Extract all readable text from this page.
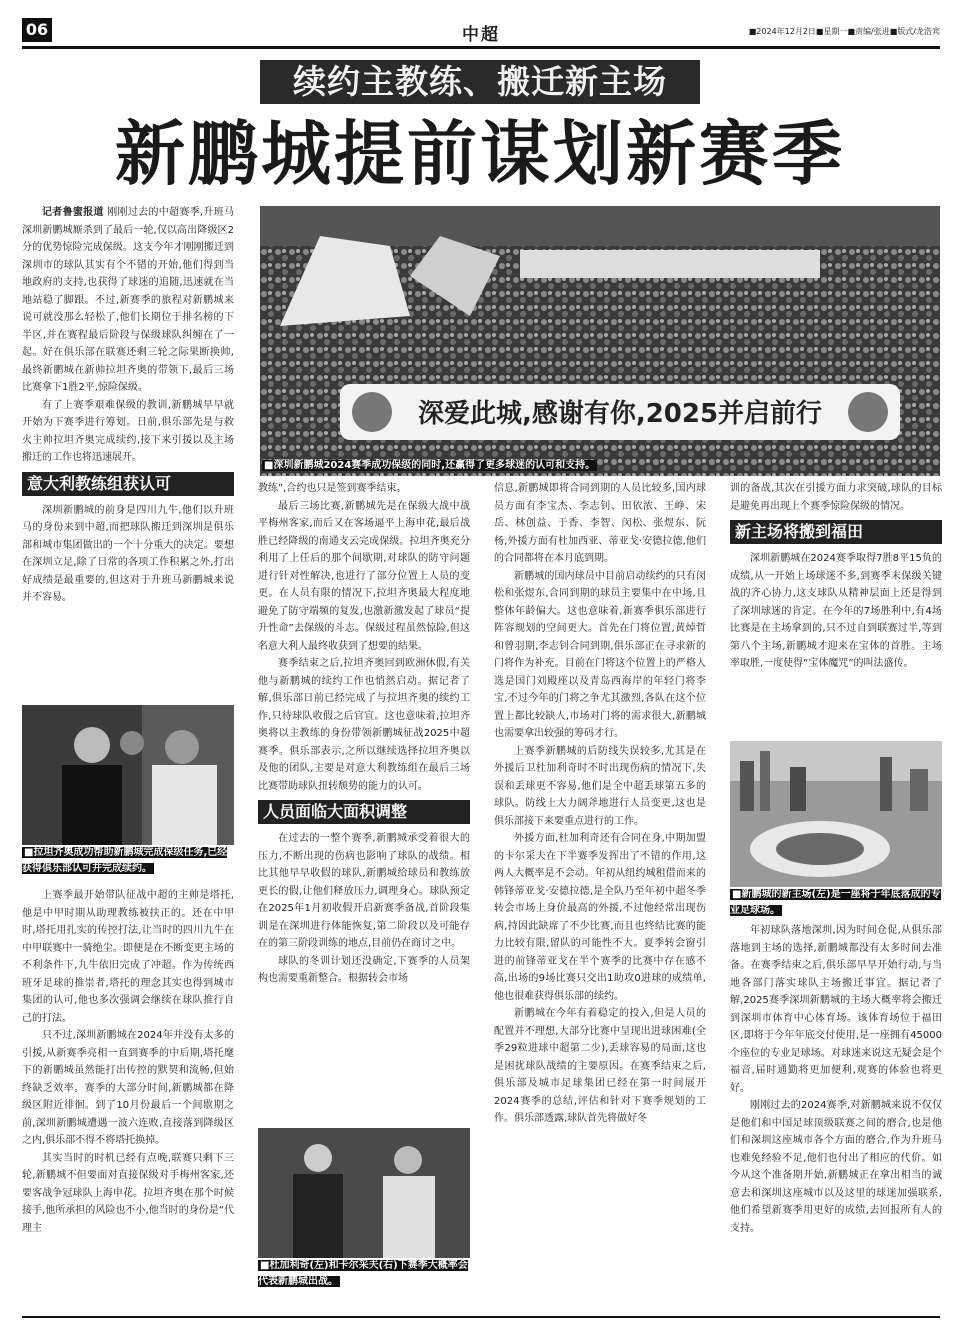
06	中超	■2024年12月2日■星期一■责编/张进■版式/龙浩宾
续约主教练、搬迁新主场
新鹏城提前谋划新赛季
深爱此城,感谢有你,2025并启前行
■深圳新鹏城2024赛季成功保级的同时,还赢得了更多球迷的认可和支持。

记者鲁蜜报道 刚刚过去的中超赛季,升班马深圳新鹏城厮杀到了最后一轮,仅以高出降级区2分的优势惊险完成保级。这支今年才刚刚搬迁到深圳市的球队其实有个不错的开始,他们得到当地政府的支持,也获得了球迷的追随,迅速就在当地站稳了脚跟。不过,新赛季的旅程对新鹏城来说可就没那么轻松了,他们长期位于排名榜的下半区,并在赛程最后阶段与保级球队纠缠在了一起。好在俱乐部在联赛还剩三轮之际果断换帅,最终新鹏城在新帅拉坦齐奥的带领下,最后三场比赛拿下1胜2平,惊险保级。

有了上赛季艰难保级的教训,新鹏城早早就开始为下赛季进行筹划。日前,俱乐部先是与救火主帅拉坦齐奥完成续约,接下来引援以及主场搬迁的工作也将迅速展开。

意大利教练组获认可

深圳新鹏城的前身是四川九牛,他们以升班马的身份来到中超,而把球队搬迁到深圳是俱乐部和城市集团做出的一个十分重大的决定。要想在深圳立足,除了日常的各项工作积累之外,打出好成绩是最重要的,但这对于升班马新鹏城来说并不容易。

■拉坦齐奥成功帮助新鹏城完成保级任务,已经获得俱乐部认可并完成续约。

上赛季最开始带队征战中超的主帅是塔托,他是中甲时期从助理教练被扶正的。还在中甲时,塔托用扎实的传控打法,让当时的四川九牛在中甲联赛中一骑绝尘。即便是在不断变更主场的不利条件下,九牛依旧完成了冲超。作为传统西班牙足球的推崇者,塔托的理念其实也得到城市集团的认可,他也多次强调会继续在球队推行自己的打法。

只不过,深圳新鹏城在2024年并没有太多的引援,从新赛季亮相一直到赛季的中后期,塔托麾下的新鹏城虽然能打出传控的默契和流畅,但始终缺乏效率。赛季的大部分时间,新鹏城都在降级区附近徘徊。到了10月份最后一个间歇期之前,深圳新鹏城遭遇一波六连败,直接落到降级区之内,俱乐部不得不将塔托换掉。

其实当时的时机已经有点晚,联赛只剩下三轮,新鹏城不但要面对直接保级对手梅州客家,还要客战争冠球队上海申花。拉坦齐奥在那个时候接手,他所承担的风险也不小,他当时的身份是“代理主

教练”,合约也只是签到赛季结束。

最后三场比赛,新鹏城先是在保级大战中战平梅州客家,而后又在客场逼平上海申花,最后战胜已经降级的南通支云完成保级。拉坦齐奥充分利用了上任后的那个间歇期,对球队的防守问题进行针对性解决,也进行了部分位置上人员的变更。在人员有限的情况下,拉坦齐奥最大程度地避免了防守端频的复发,也激新激发起了球员“提升性命”去保级的斗志。保级过程虽然惊险,但这名意大利人最终收获到了想要的结果。

赛季结束之后,拉坦齐奥回到欧洲休假,有关他与新鹏城的续约工作也悄然启动。据记者了解,俱乐部日前已经完成了与拉坦齐奥的续约工作,只待球队收假之后官宣。这也意味着,拉坦齐奥将以主教练的身份带领新鹏城征战2025中超赛季。俱乐部表示,之所以继续选择拉坦齐奥以及他的团队,主要是对意大利教练组在最后三场比赛带助球队扭转颓势的能力的认可。

人员面临大面积调整

在过去的一整个赛季,新鹏城承受着很大的压力,不断出现的伤病也影响了球队的战绩。相比其他早早收假的球队,新鹏城给球员和教练放更长的假,让他们释放压力,调理身心。球队预定在2025年1月初收假开启新赛季备战,首阶段集训是在深圳进行体能恢复,第二阶段以及可能存在的第三阶段训练的地点,目前仍在商讨之中。

球队的冬训计划还没确定,下赛季的人员架构也需要重新整合。根据转会市场

■杜加利奇(左)和卡尔采夫(右)下赛季大概率会代表新鹏城出战。

信息,新鹏城即将合同到期的人员比较多,国内球员方面有李宝杰、李志钊、田依浓、王峥、宋岳、林创益、于香、李智、闵松、张煜东、阮杨,外援方面有杜加西亚、蒂亚戈·安德拉德,他们的合同都将在本月底到期。

新鹏城的国内球员中目前启动续约的只有闵松和张煜东,合同到期的球员主要集中在中场,且整体年龄偏大。这也意味着,新赛季俱乐部进行阵容规划的空间更大。首先在门将位置,黄焯哲和曾羽期,李志钊合同到期,俱乐部正在寻求新的门将作为补充。目前在门将这个位置上的严格人选是国门刘殿座以及青岛西海岸的年轻门将李宝,不过今年的门将之争尤其激烈,各队在这个位置上都比较缺人,市场对门将的需求很大,新鹏城也需要拿出较强的筹码才行。

上赛季新鹏城的后防线失误较多,尤其是在外援后卫杜加利奇时不时出现伤病的情况下,失误和丢球更不容易,他们是全中超丢球第五多的球队。防线上大力阔斧地进行人员变更,这也是俱乐部接下来要重点进行的工作。

外援方面,杜加利奇还有合同在身,中期加盟的卡尔采夫在下半赛季发挥出了不错的作用,这两人大概率是不会动。年初从纽约城租借而来的韩锋蒂亚戈·安德拉德,是全队乃至年初中超冬季转会市场上身价最高的外援,不过他经常出现伤病,持因此缺席了不少比赛,而且也终结比赛的能力比较有限,留队的可能性不大。夏季转会窗引进的前锋蒂亚戈在半个赛季的比赛中存在感不高,出场的9场比赛只交出1助攻0进球的成绩单,他也很难获得俱乐部的续约。

新鹏城在今年有着稳定的投入,但是人员的配置并不理想,大部分比赛中呈现出进球困难(全季29粒进球中超第二少),丢球容易的局面,这也是困扰球队战绩的主要原因。在赛季结束之后,俱乐部及城市足球集团已经在第一时间展开2024赛季的总结,评估和针对下赛季规划的工作。俱乐部透露,球队首先将做好冬

训的备战,其次在引援方面力求突破,球队的目标是避免再出现上个赛季惊险保级的情况。

新主场将搬到福田

深圳新鹏城在2024赛季取得7胜8平15负的成绩,从一开始上场球迷不多,到赛季末保级关键战的齐心协力,这支球队从精神层面上还是得到了深圳球迷的肯定。在今年的7场胜利中,有4场比赛是在主场拿到的,只不过自到联赛过半,等到第八个主场,新鹏城才迎来在宝体的首胜。主场率取胜,一度使得“宝体魔咒”的叫法盛传。

■新鹏城的新主场(左)是一座将于年底落成的专业足球场。

年初球队落地深圳,因为时间仓促,从俱乐部落地到主场的选择,新鹏城都没有太多时间去准备。在赛季结束之后,俱乐部早早开始行动,与当地各部门落实球队主场搬迁事宜。据记者了解,2025赛季深圳新鹏城的主场大概率将会搬迁到深圳市体育中心体育场。该体育场位于福田区,即将于今年年底交付使用,是一座拥有45000个座位的专业足球场。对球迷来说这无疑会是个福音,届时通勤将更加便利,观赛的体验也将更好。

刚刚过去的2024赛季,对新鹏城来说不仅仅是他们和中国足球顶级联赛之间的磨合,也是他们和深圳这座城市各个方面的磨合,作为升班马也难免经验不足,他们也付出了相应的代价。如今从这个准备期开始,新鹏城正在拿出相当的诚意去和深圳这座城市以及这里的球迷加强联系,他们希望新赛季用更好的成绩,去回报所有人的支持。
